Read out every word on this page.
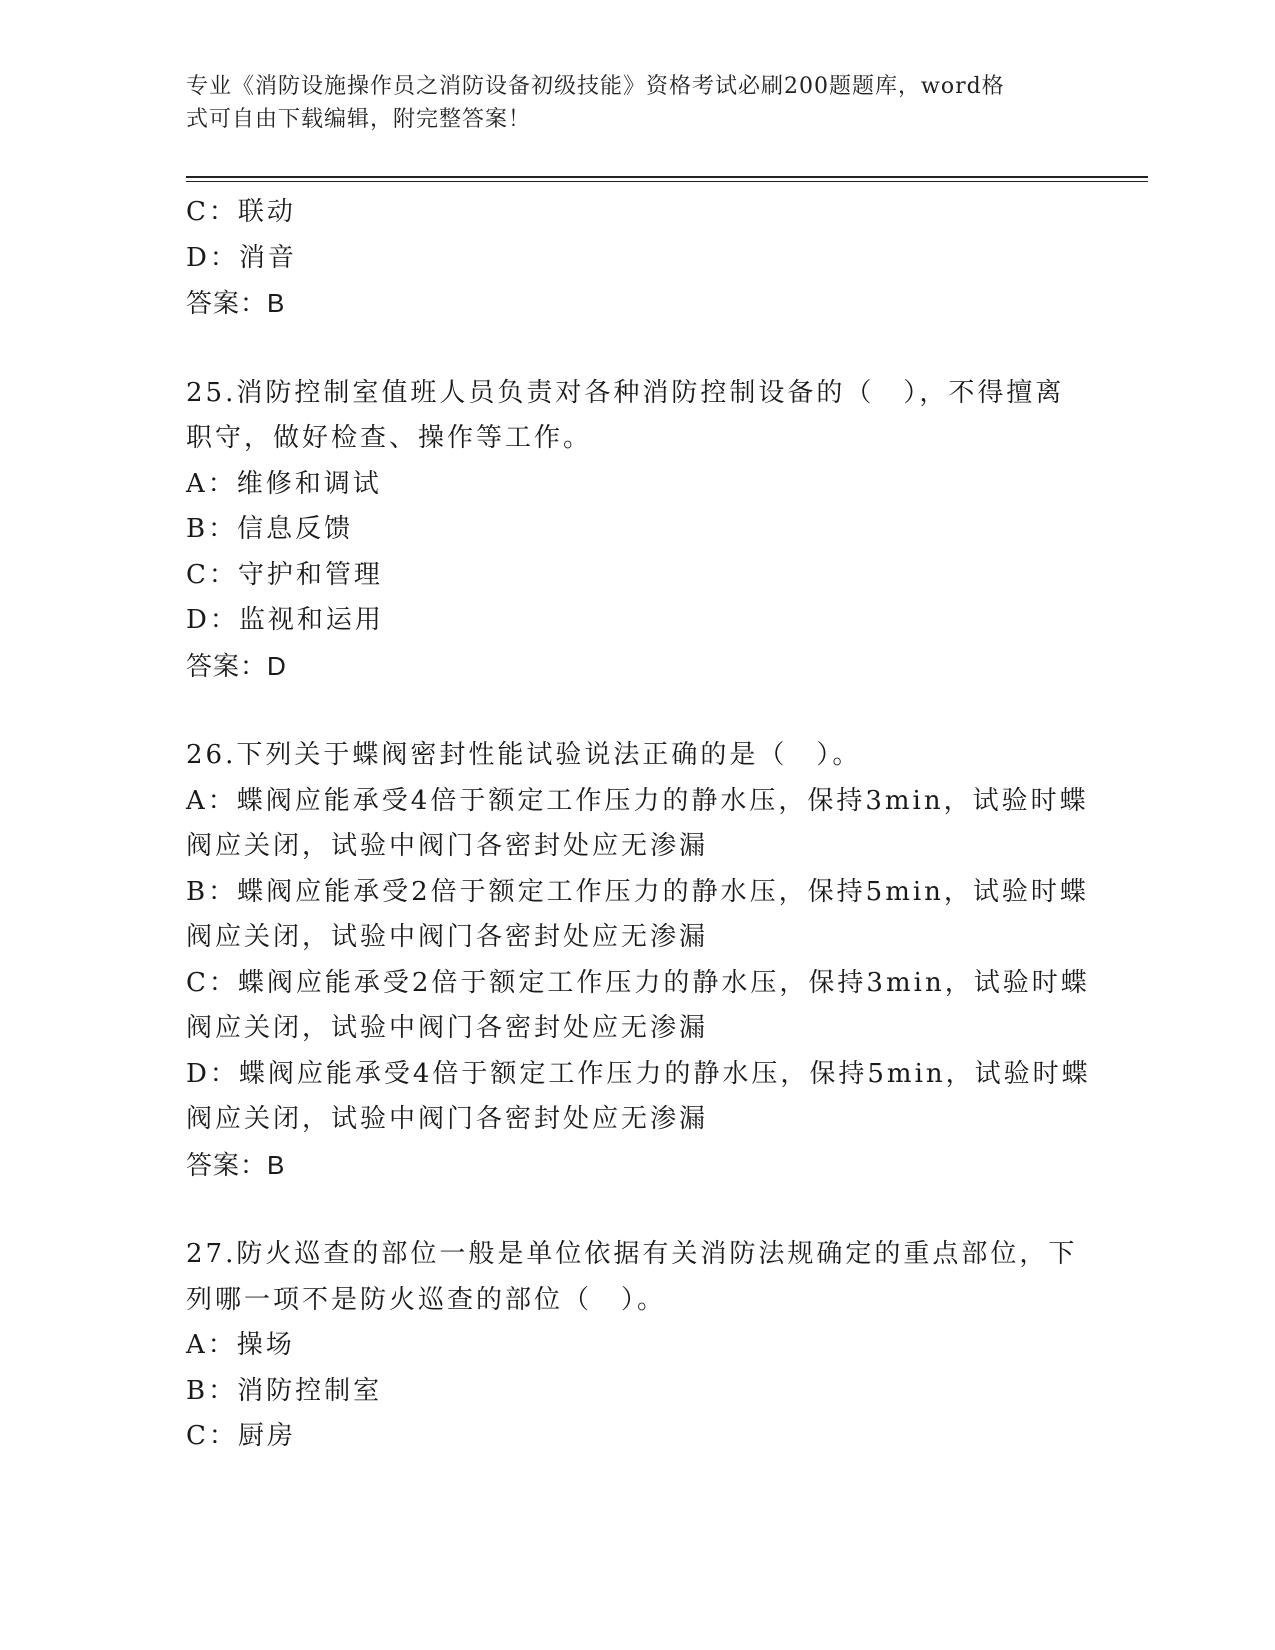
专业《消防设施操作员之消防设备初级技能》资格考试必刷200题题库，word格
式可自由下载编辑，附完整答案！
C：联动
D：消音
答案：B
25.消防控制室值班人员负责对各种消防控制设备的（　），不得擅离
职守，做好检查、操作等工作。
A：维修和调试
B：信息反馈
C：守护和管理
D：监视和运用
答案：D
26.下列关于蝶阀密封性能试验说法正确的是（　）。
A：蝶阀应能承受4倍于额定工作压力的静水压，保持3min，试验时蝶
阀应关闭，试验中阀门各密封处应无渗漏
B：蝶阀应能承受2倍于额定工作压力的静水压，保持5min，试验时蝶
阀应关闭，试验中阀门各密封处应无渗漏
C：蝶阀应能承受2倍于额定工作压力的静水压，保持3min，试验时蝶
阀应关闭，试验中阀门各密封处应无渗漏
D：蝶阀应能承受4倍于额定工作压力的静水压，保持5min，试验时蝶
阀应关闭，试验中阀门各密封处应无渗漏
答案：B
27.防火巡查的部位一般是单位依据有关消防法规确定的重点部位，下
列哪一项不是防火巡查的部位（　）。
A：操场
B：消防控制室
C：厨房
